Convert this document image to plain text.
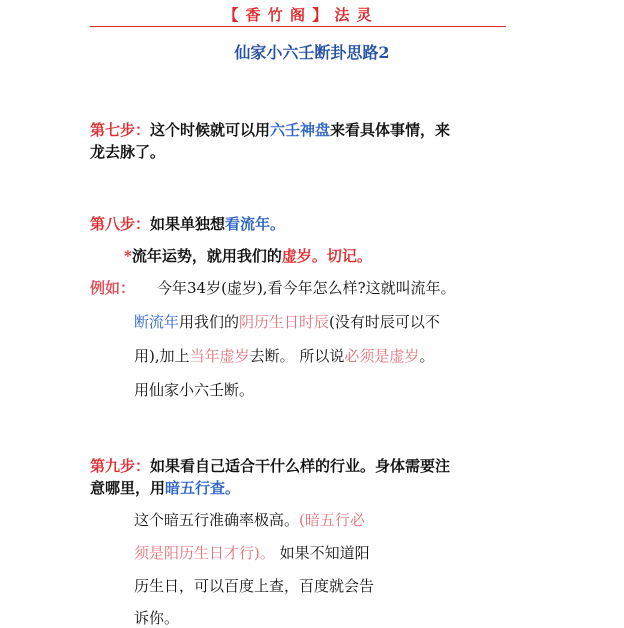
【 香 竹 阁 】 法 灵
仙家小六壬断卦思路2
第七步：这个时候就可以用六壬神盘来看具体事情，来
龙去脉了。
第八步：如果单独想看流年。
*流年运势，就用我们的虚岁。切记。
例如： 今年34岁(虚岁),看今年怎么样?这就叫流年。
断流年用我们的阴历生日时辰(没有时辰可以不
用),加上当年虚岁去断。 所以说必须是虚岁。
用仙家小六壬断。
第九步：如果看自己适合干什么样的行业。身体需要注
意哪里，用暗五行查。
这个暗五行准确率极高。(暗五行必
须是阳历生日才行)。 如果不知道阳
历生日，可以百度上查，百度就会告
诉你。
